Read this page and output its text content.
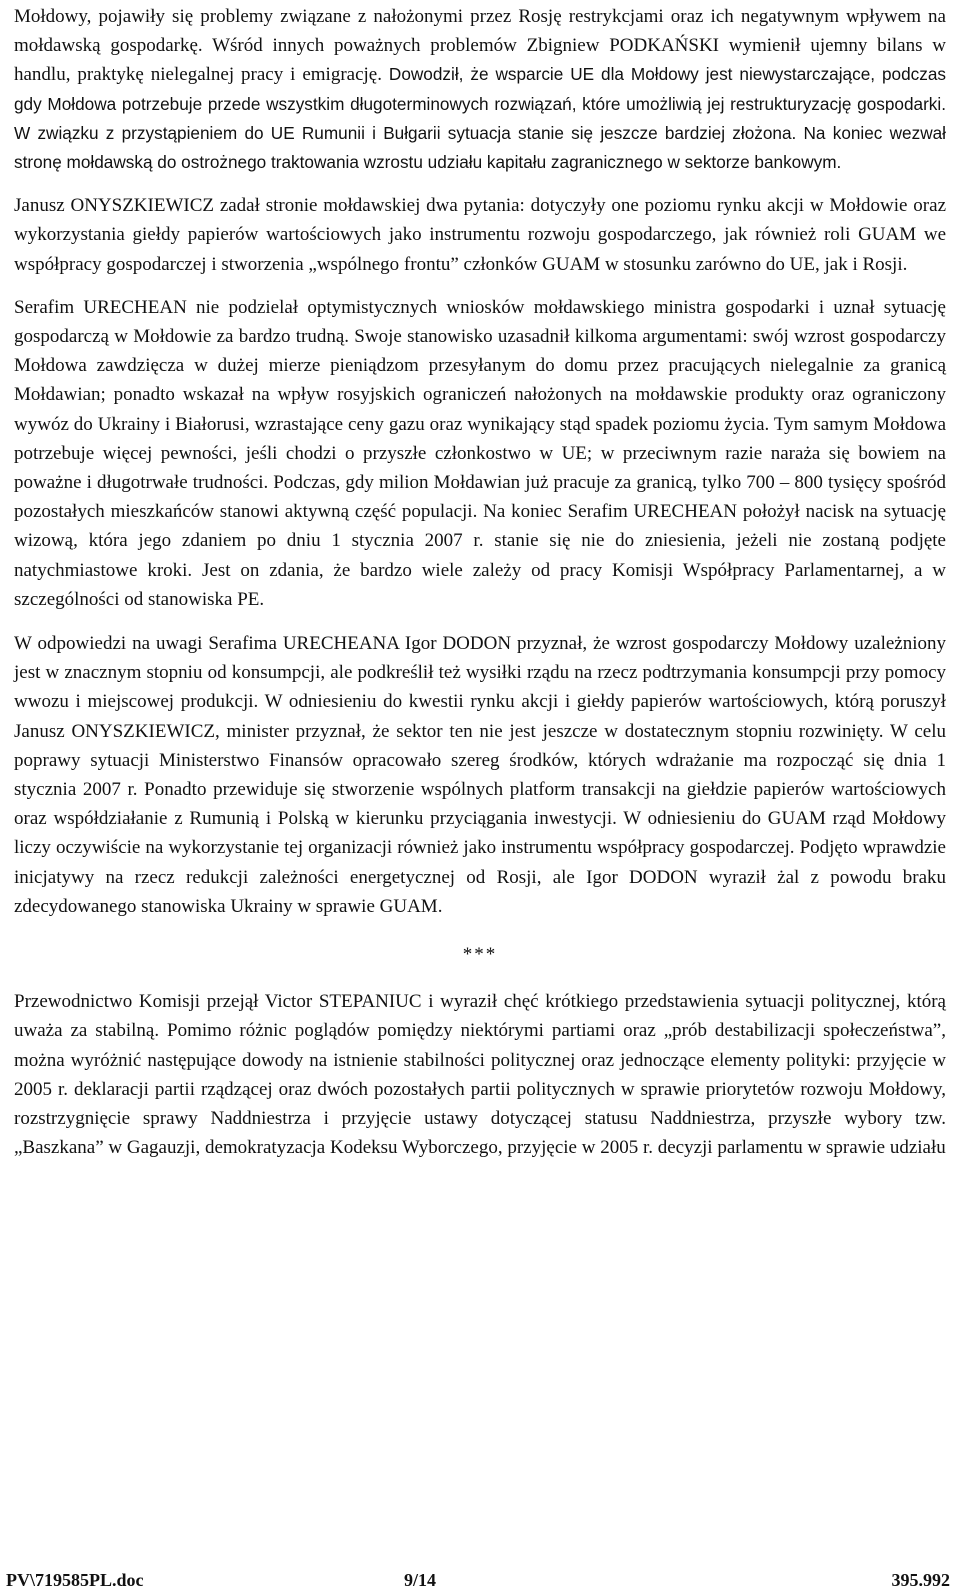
Mołdowy, pojawiły się problemy związane z nałożonymi przez Rosję restrykcjami oraz ich negatywnym wpływem na mołdawską gospodarkę. Wśród innych poważnych problemów Zbigniew PODKAŃSKI wymienił ujemny bilans w handlu, praktykę nielegalnej pracy i emigrację. Dowodził, że wsparcie UE dla Mołdowy jest niewystarczające, podczas gdy Mołdowa potrzebuje przede wszystkim długoterminowych rozwiązań, które umożliwią jej restrukturyzację gospodarki. W związku z przystąpieniem do UE Rumunii i Bułgarii sytuacja stanie się jeszcze bardziej złożona. Na koniec wezwał stronę mołdawską do ostrożnego traktowania wzrostu udziału kapitału zagranicznego w sektorze bankowym.

Janusz ONYSZKIEWICZ zadał stronie mołdawskiej dwa pytania: dotyczyły one poziomu rynku akcji w Mołdowie oraz wykorzystania giełdy papierów wartościowych jako instrumentu rozwoju gospodarczego, jak również roli GUAM we współpracy gospodarczej i stworzenia „wspólnego frontu” członków GUAM w stosunku zarówno do UE, jak i Rosji.

Serafim URECHEAN nie podzielał optymistycznych wniosków mołdawskiego ministra gospodarki i uznał sytuację gospodarczą w Mołdowie za bardzo trudną. Swoje stanowisko uzasadnił kilkoma argumentami: swój wzrost gospodarczy Mołdowa zawdzięcza w dużej mierze pieniądzom przesyłanym do domu przez pracujących nielegalnie za granicą Mołdawian; ponadto wskazał na wpływ rosyjskich ograniczeń nałożonych na mołdawskie produkty oraz ograniczony wywóz do Ukrainy i Białorusi, wzrastające ceny gazu oraz wynikający stąd spadek poziomu życia. Tym samym Mołdowa potrzebuje więcej pewności, jeśli chodzi o przyszłe członkostwo w UE; w przeciwnym razie naraża się bowiem na poważne i długotrwałe trudności. Podczas, gdy milion Mołdawian już pracuje za granicą, tylko 700 – 800 tysięcy spośród pozostałych mieszkańców stanowi aktywną część populacji. Na koniec Serafim URECHEAN położył nacisk na sytuację wizową, która jego zdaniem po dniu 1 stycznia 2007 r. stanie się nie do zniesienia, jeżeli nie zostaną podjęte natychmiastowe kroki. Jest on zdania, że bardzo wiele zależy od pracy Komisji Współpracy Parlamentarnej, a w szczególności od stanowiska PE.

W odpowiedzi na uwagi Serafima URECHEANA Igor DODON przyznał, że wzrost gospodarczy Mołdowy uzależniony jest w znacznym stopniu od konsumpcji, ale podkreślił też wysiłki rządu na rzecz podtrzymania konsumpcji przy pomocy wwozu i miejscowej produkcji. W odniesieniu do kwestii rynku akcji i giełdy papierów wartościowych, którą poruszył Janusz ONYSZKIEWICZ, minister przyznał, że sektor ten nie jest jeszcze w dostatecznym stopniu rozwinięty. W celu poprawy sytuacji Ministerstwo Finansów opracowało szereg środków, których wdrażanie ma rozpocząć się dnia 1 stycznia 2007 r. Ponadto przewiduje się stworzenie wspólnych platform transakcji na giełdzie papierów wartościowych oraz współdziałanie z Rumunią i Polską w kierunku przyciągania inwestycji. W odniesieniu do GUAM rząd Mołdowy liczy oczywiście na wykorzystanie tej organizacji również jako instrumentu współpracy gospodarczej. Podjęto wprawdzie inicjatywy na rzecz redukcji zależności energetycznej od Rosji, ale Igor DODON wyraził żal z powodu braku zdecydowanego stanowiska Ukrainy w sprawie GUAM.

***

Przewodnictwo Komisji przejął Victor STEPANIUC i wyraził chęć krótkiego przedstawienia sytuacji politycznej, którą uważa za stabilną. Pomimo różnic poglądów pomiędzy niektórymi partiami oraz „prób destabilizacji społeczeństwa”, można wyróżnić następujące dowody na istnienie stabilności politycznej oraz jednoczące elementy polityki: przyjęcie w 2005 r. deklaracji partii rządzącej oraz dwóch pozostałych partii politycznych w sprawie priorytetów rozwoju Mołdowy, rozstrzygnięcie sprawy Naddniestrza i przyjęcie ustawy dotyczącej statusu Naddniestrza, przyszłe wybory tzw. „Baszkana” w Gagauzji, demokratyzacja Kodeksu Wyborczego, przyjęcie w 2005 r. decyzji parlamentu w sprawie udziału

PV\719585PL.doc	9/14	395.992
